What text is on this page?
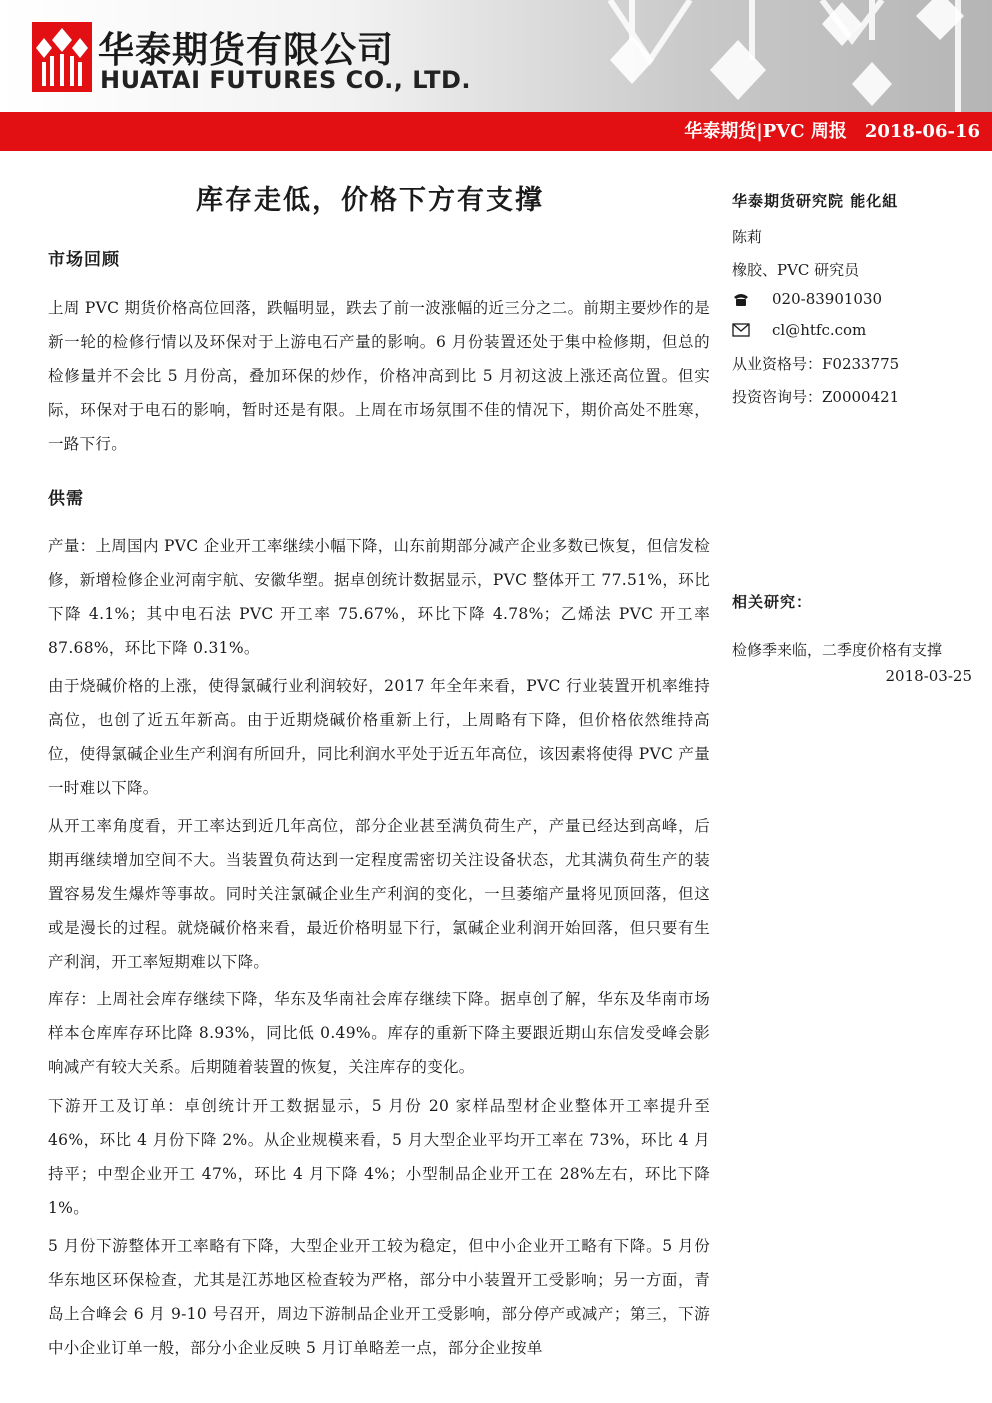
华泰期货有限公司
HUATAI FUTURES CO., LTD.
华泰期货|PVC 周报 2018-06-16
库存走低，价格下方有支撑
市场回顾
上周 PVC 期货价格高位回落，跌幅明显，跌去了前一波涨幅的近三分之二。前期主要炒作的是新一轮的检修行情以及环保对于上游电石产量的影响。6 月份装置还处于集中检修期，但总的检修量并不会比 5 月份高，叠加环保的炒作，价格冲高到比 5 月初这波上涨还高位置。但实际，环保对于电石的影响，暂时还是有限。上周在市场氛围不佳的情况下，期价高处不胜寒，一路下行。
供需
产量：上周国内 PVC 企业开工率继续小幅下降，山东前期部分减产企业多数已恢复，但信发检修，新增检修企业河南宇航、安徽华塑。据卓创统计数据显示，PVC 整体开工 77.51%，环比下降 4.1%；其中电石法 PVC 开工率 75.67%，环比下降 4.78%；乙烯法 PVC 开工率 87.68%，环比下降 0.31%。
由于烧碱价格的上涨，使得氯碱行业利润较好，2017 年全年来看，PVC 行业装置开机率维持高位，也创了近五年新高。由于近期烧碱价格重新上行，上周略有下降，但价格依然维持高位，使得氯碱企业生产利润有所回升，同比利润水平处于近五年高位，该因素将使得 PVC 产量一时难以下降。
从开工率角度看，开工率达到近几年高位，部分企业甚至满负荷生产，产量已经达到高峰，后期再继续增加空间不大。当装置负荷达到一定程度需密切关注设备状态，尤其满负荷生产的装置容易发生爆炸等事故。同时关注氯碱企业生产利润的变化，一旦萎缩产量将见顶回落，但这或是漫长的过程。就烧碱价格来看，最近价格明显下行，氯碱企业利润开始回落，但只要有生产利润，开工率短期难以下降。
库存：上周社会库存继续下降，华东及华南社会库存继续下降。据卓创了解，华东及华南市场样本仓库库存环比降 8.93%，同比低 0.49%。库存的重新下降主要跟近期山东信发受峰会影响减产有较大关系。后期随着装置的恢复，关注库存的变化。
下游开工及订单：卓创统计开工数据显示，5 月份 20 家样品型材企业整体开工率提升至 46%，环比 4 月份下降 2%。从企业规模来看，5 月大型企业平均开工率在 73%，环比 4 月持平；中型企业开工 47%，环比 4 月下降 4%；小型制品企业开工在 28%左右，环比下降 1%。
5 月份下游整体开工率略有下降，大型企业开工较为稳定，但中小企业开工略有下降。5 月份华东地区环保检查，尤其是江苏地区检查较为严格，部分中小装置开工受影响；另一方面，青岛上合峰会 6 月 9-10 号召开，周边下游制品企业开工受影响，部分停产或减产；第三，下游中小企业订单一般，部分小企业反映 5 月订单略差一点，部分企业按单
华泰期货研究院 能化組
陈莉
橡胶、PVC 研究员
020-83901030
cl@htfc.com
从业资格号：F0233775
投资咨询号：Z0000421
相关研究：
检修季来临，二季度价格有支撑
2018-03-25
